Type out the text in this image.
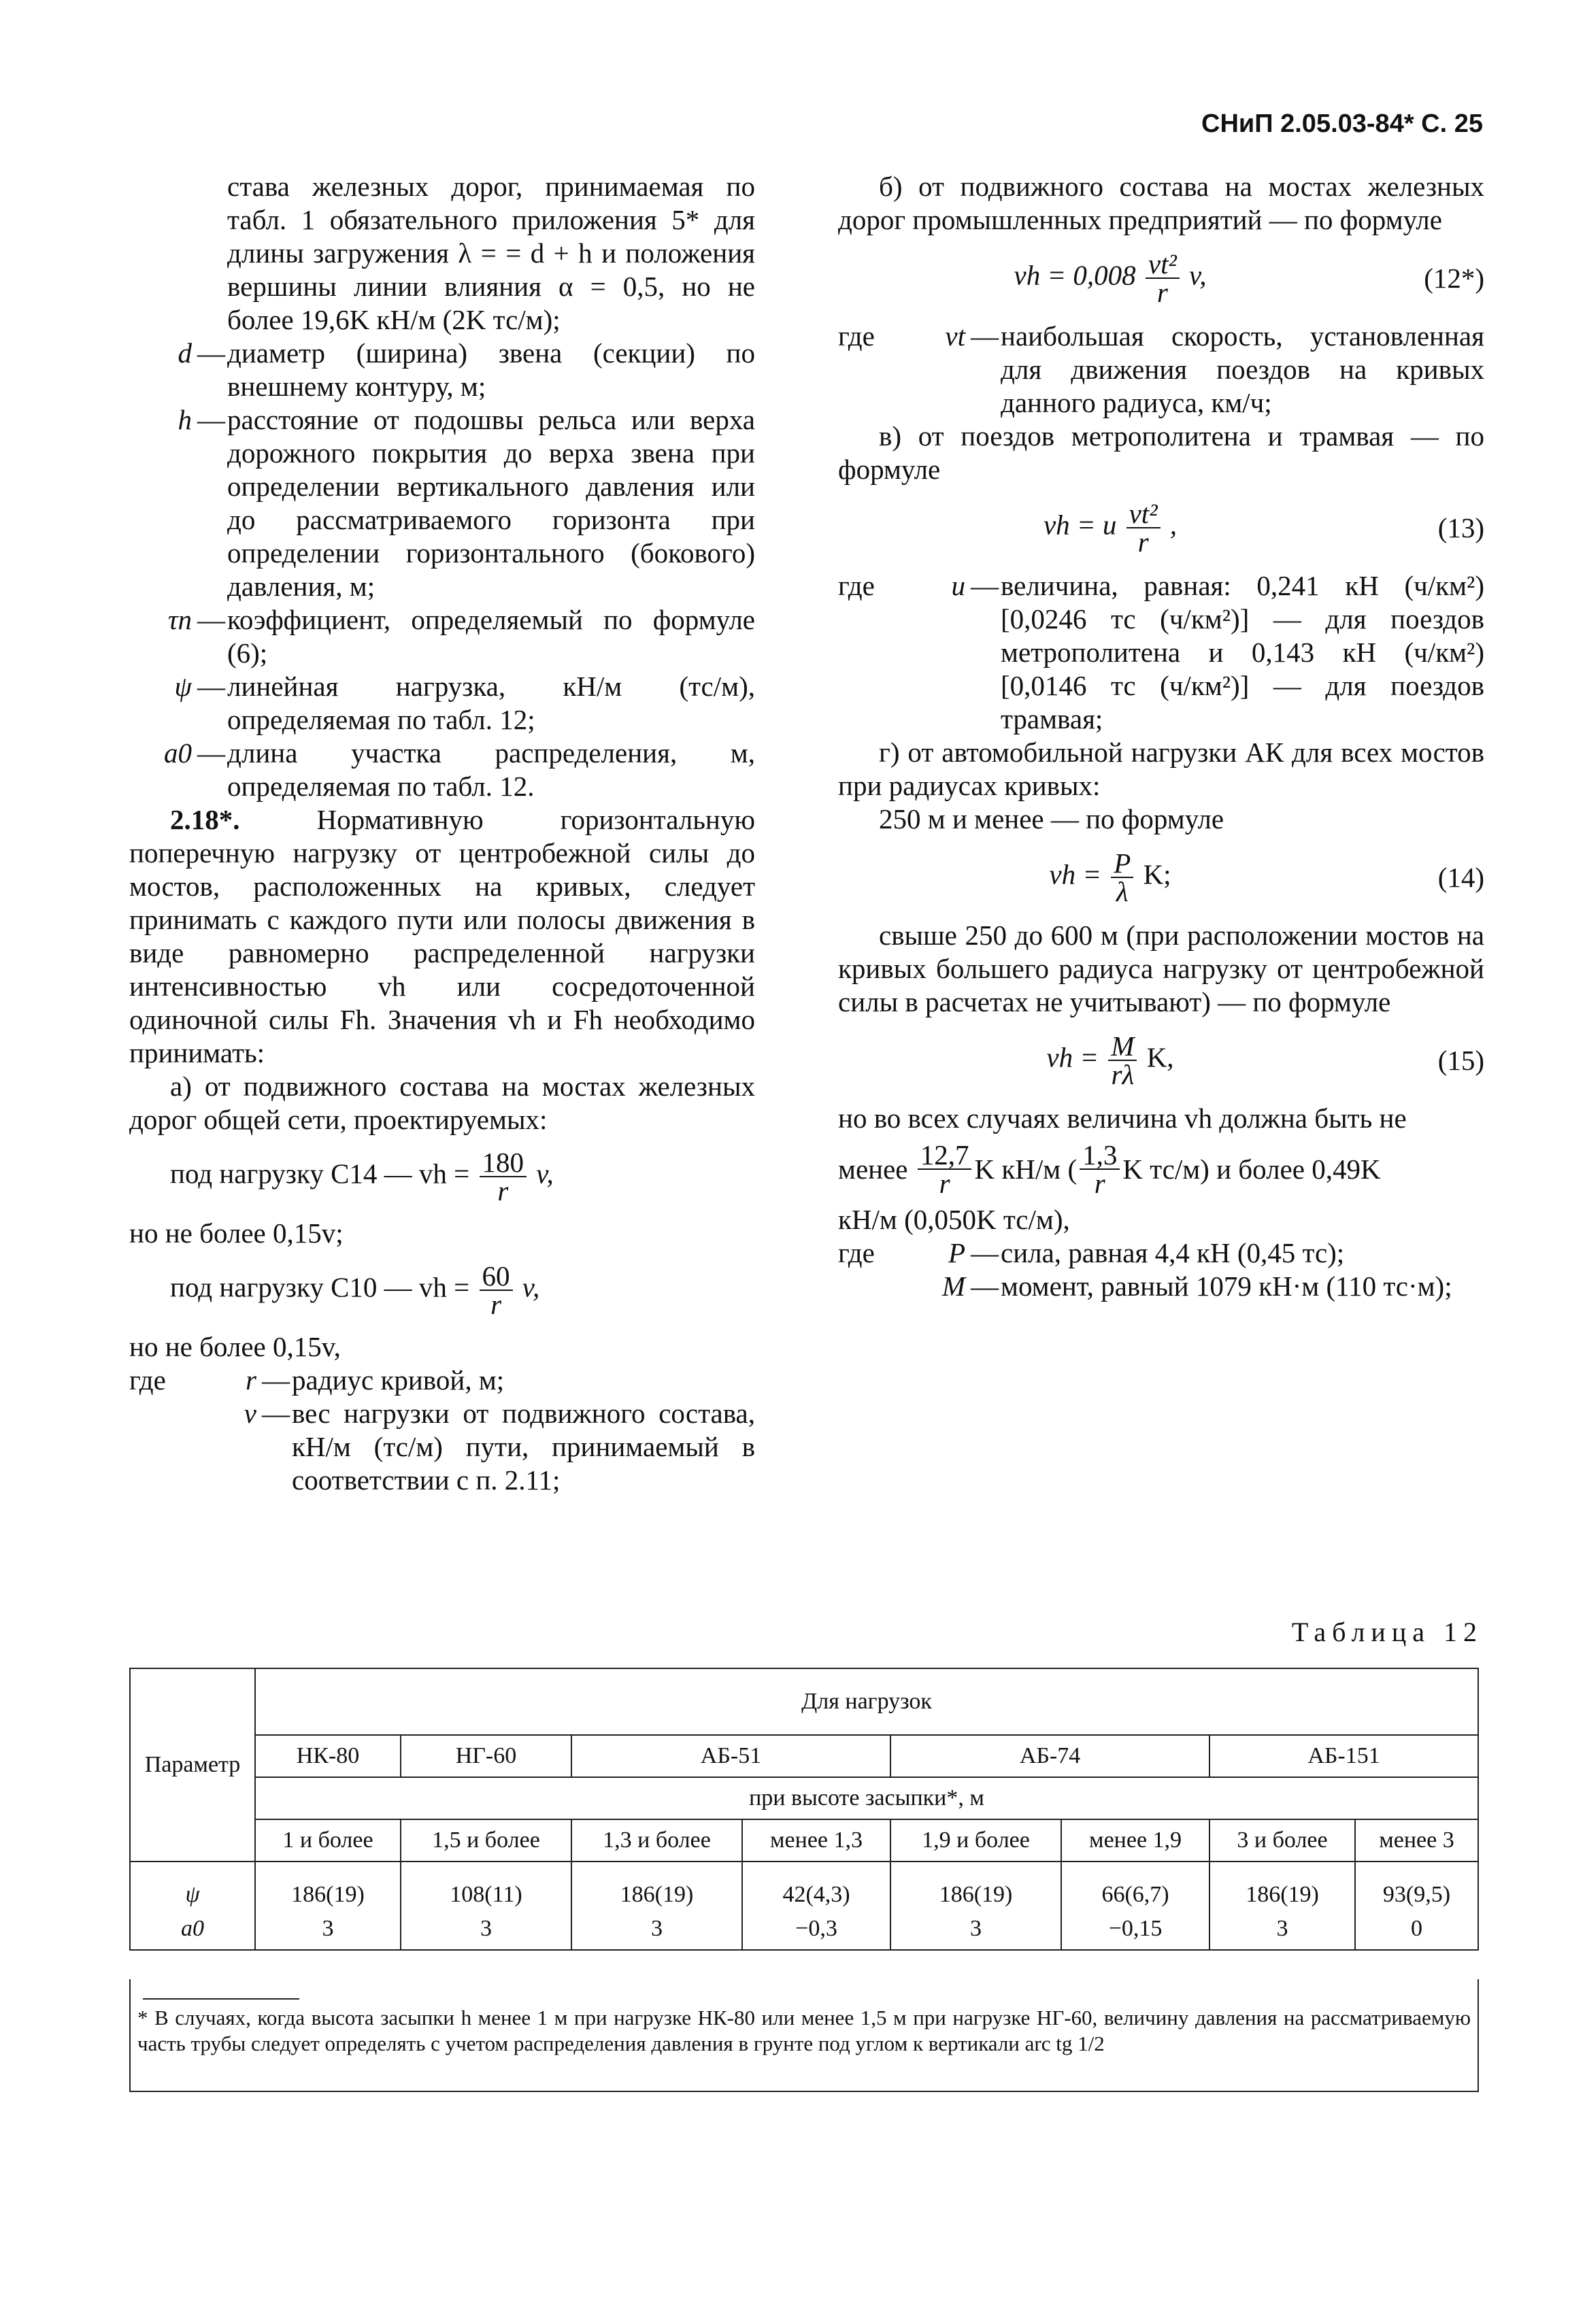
СНиП 2.05.03-84* С. 25
става железных дорог, принимаемая по табл. 1 обязательного приложения 5* для длины загружения λ = = d + h и положения вершины линии влияния α = 0,5, но не более 19,6K кН/м (2K тс/м);
d — диаметр (ширина) звена (секции) по внешнему контуру, м;
h — расстояние от подошвы рельса или верха дорожного покрытия до верха звена при определении вертикального давления или до рассматриваемого горизонта при определении горизонтального (бокового) давления, м;
τn — коэффициент, определяемый по формуле (6);
ψ — линейная нагрузка, кН/м (тс/м), определяемая по табл. 12;
a0 — длина участка распределения, м, определяемая по табл. 12.

2.18*.	Нормативную горизонтальную поперечную нагрузку от центробежной силы до мостов, расположенных на кривых, следует принимать с каждого пути или полосы движения в виде равномерно распределенной нагрузки интенсивностью vh или сосредоточенной одиночной силы Fh. Значения vh и Fh необходимо принимать:

а) от подвижного состава на мостах железных дорог общей сети, проектируемых:

под нагрузку С14 — vh = $\frac{180}{r} v$,

но не более 0,15v;

под нагрузку С10 — vh = $\frac{60}{r} v$,

но не более 0,15v,

где	r — радиус кривой, м;
v — вес нагрузки от подвижного состава, кН/м (тс/м) пути, принимаемый в соответствии с п. 2.11;

б) от подвижного состава на мостах железных дорог промышленных предприятий — по формуле

vh = $0,008 \frac{\text{vt²}}{r} v$,	(12*)
где	vt — наибольшая скорость, установленная для движения поездов на кривых данного радиуса, км/ч;

в) от поездов метрополитена и трамвая — по формуле

vh = u $\frac{\text{vt²}}{r}$ ,	(13)
где	u — величина, равная: 0,241 кН (ч/км²) [0,0246 тс (ч/км²)] — для поездов метрополитена и 0,143 кН (ч/км²) [0,0146 тс (ч/км²)] — для поездов трамвая;

г) от автомобильной нагрузки АК для всех мостов при радиусах кривых:

250 м и менее — по формуле

vh = $\frac{P}{\lambda} K$;	(14)

свыше 250 до 600 м (при расположении мостов на кривых большего радиуса нагрузку от центробежной силы в расчетах не учитывают) — по формуле

vh = $\frac{M}{r\lambda} K$,	(15)

но во всех случаях величина vh должна быть не

менее
$\frac{12,7}{r}$ K кН/м ( $\frac{1,3}{r}$ K тс/м) и более 0,49K

кН/м (0,050K тс/м),

где	P — сила, равная 4,4 кН (0,45 тс);
M — момент, равный 1079 кН·м (110 тс·м);
Таблица 12
Параметр	Для нагрузок							
	НК-80	НГ-60	АБ-51		АБ-74		АБ-151	
	при высоте засыпки*, м							
	1 и более	1,5 и более	1,3 и более	менее 1,3	1,9 и более	менее 1,9	3 и более	менее 3
ψ	186(19)	108(11)	186(19)	42(4,3)	186(19)	66(6,7)	186(19)	93(9,5)
a0	3	3	3	−0,3	3	−0,15	3	0
* В случаях, когда высота засыпки h менее 1 м при нагрузке НК-80 или менее 1,5 м при нагрузке НГ-60, величину давления на рассматриваемую часть трубы следует определять с учетом распределения давления в грунте под углом к вертикали arc tg 1/2
